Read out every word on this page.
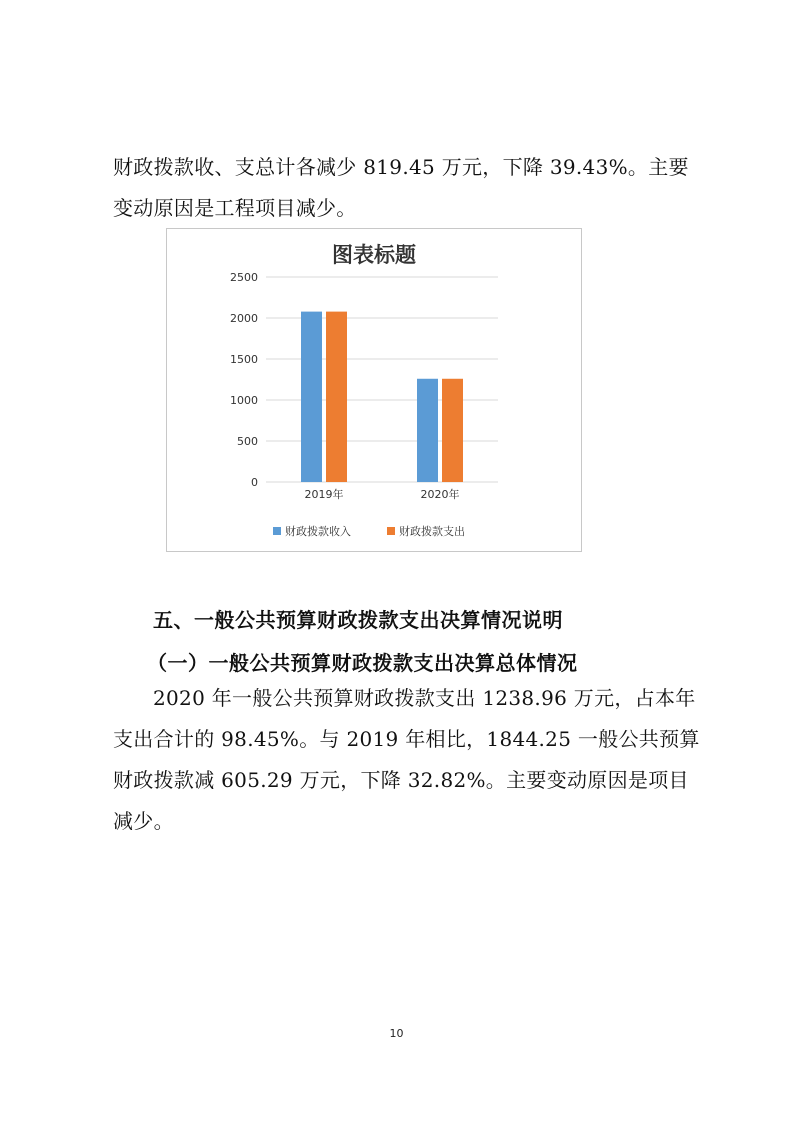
财政拨款收、支总计各减少 819.45 万元，下降 39.43%。主要变动原因是工程项目减少。

图表标题
0
500
1000
1500
2000
2500
2019年	2020年
财政拨款收入	财政拨款支出
五、一般公共预算财政拨款支出决算情况说明
（一）一般公共预算财政拨款支出决算总体情况

2020 年一般公共预算财政拨款支出 1238.96 万元，占本年支出合计的 98.45%。与 2019 年相比，1844.25 一般公共预算财政拨款减 605.29 万元，下降 32.82%。主要变动原因是项目减少。

10
